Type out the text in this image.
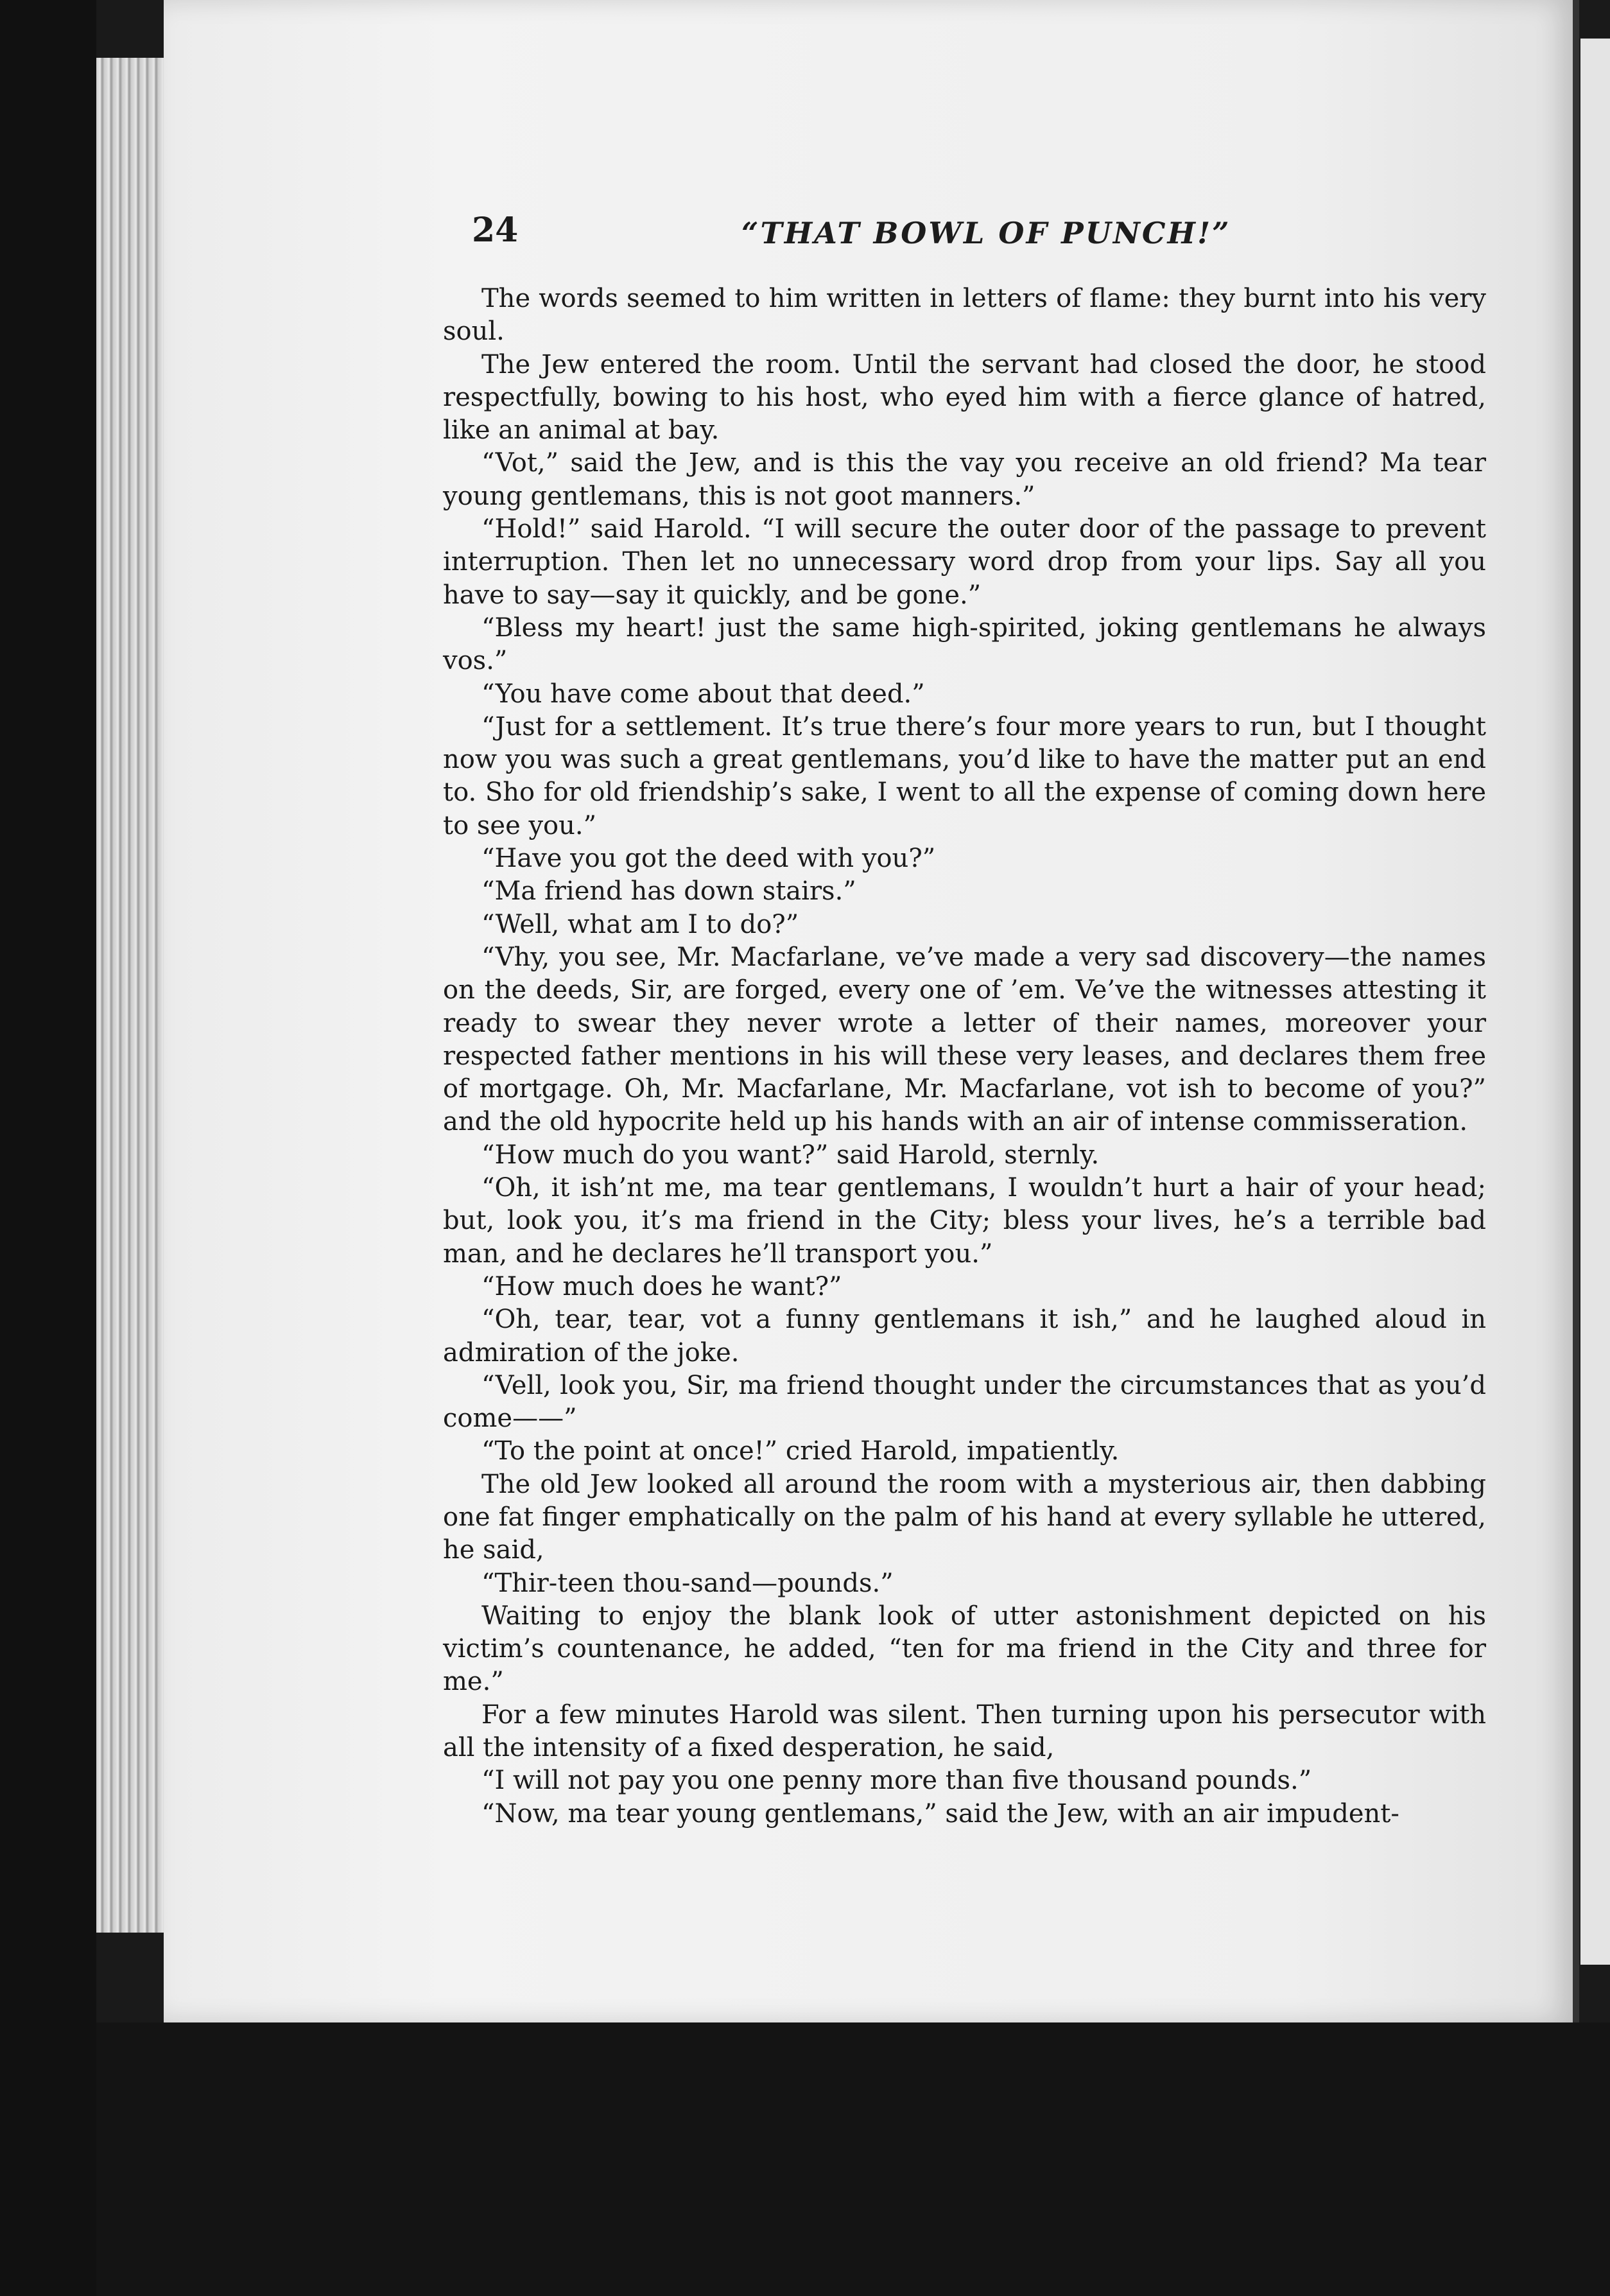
24	“THAT BOWL OF PUNCH!”

The words seemed to him written in letters of flame: they burnt into his very soul.

The Jew entered the room. Until the servant had closed the door, he stood respectfully, bowing to his host, who eyed him with a fierce glance of hatred, like an animal at bay.

“Vot,” said the Jew, and is this the vay you receive an old friend? Ma tear young gentlemans, this is not goot manners.”

“Hold!” said Harold. “I will secure the outer door of the passage to prevent interruption. Then let no unnecessary word drop from your lips. Say all you have to say—say it quickly, and be gone.”

“Bless my heart! just the same high-spirited, joking gentlemans he always vos.”

“You have come about that deed.”

“Just for a settlement. It’s true there’s four more years to run, but I thought now you was such a great gentlemans, you’d like to have the matter put an end to. Sho for old friendship’s sake, I went to all the expense of coming down here to see you.”

“Have you got the deed with you?”

“Ma friend has down stairs.”

“Well, what am I to do?”

“Vhy, you see, Mr. Macfarlane, ve’ve made a very sad discovery—the names on the deeds, Sir, are forged, every one of ’em. Ve’ve the witnesses attesting it ready to swear they never wrote a letter of their names, moreover your respected father mentions in his will these very leases, and declares them free of mortgage. Oh, Mr. Macfarlane, Mr. Macfarlane, vot ish to become of you?” and the old hypocrite held up his hands with an air of intense commisseration.

“How much do you want?” said Harold, sternly.

“Oh, it ish’nt me, ma tear gentlemans, I wouldn’t hurt a hair of your head; but, look you, it’s ma friend in the City; bless your lives, he’s a terrible bad man, and he declares he’ll transport you.”

“How much does he want?”

“Oh, tear, tear, vot a funny gentlemans it ish,” and he laughed aloud in admiration of the joke.

“Vell, look you, Sir, ma friend thought under the circumstances that as you’d come——”

“To the point at once!” cried Harold, impatiently.

The old Jew looked all around the room with a mysterious air, then dabbing one fat finger emphatically on the palm of his hand at every syllable he uttered, he said,

“Thir-teen thou-sand—pounds.”

Waiting to enjoy the blank look of utter astonishment depicted on his victim’s countenance, he added, “ten for ma friend in the City and three for me.”

For a few minutes Harold was silent. Then turning upon his persecutor with all the intensity of a fixed desperation, he said,

“I will not pay you one penny more than five thousand pounds.”

“Now, ma tear young gentlemans,” said the Jew, with an air impudent-
